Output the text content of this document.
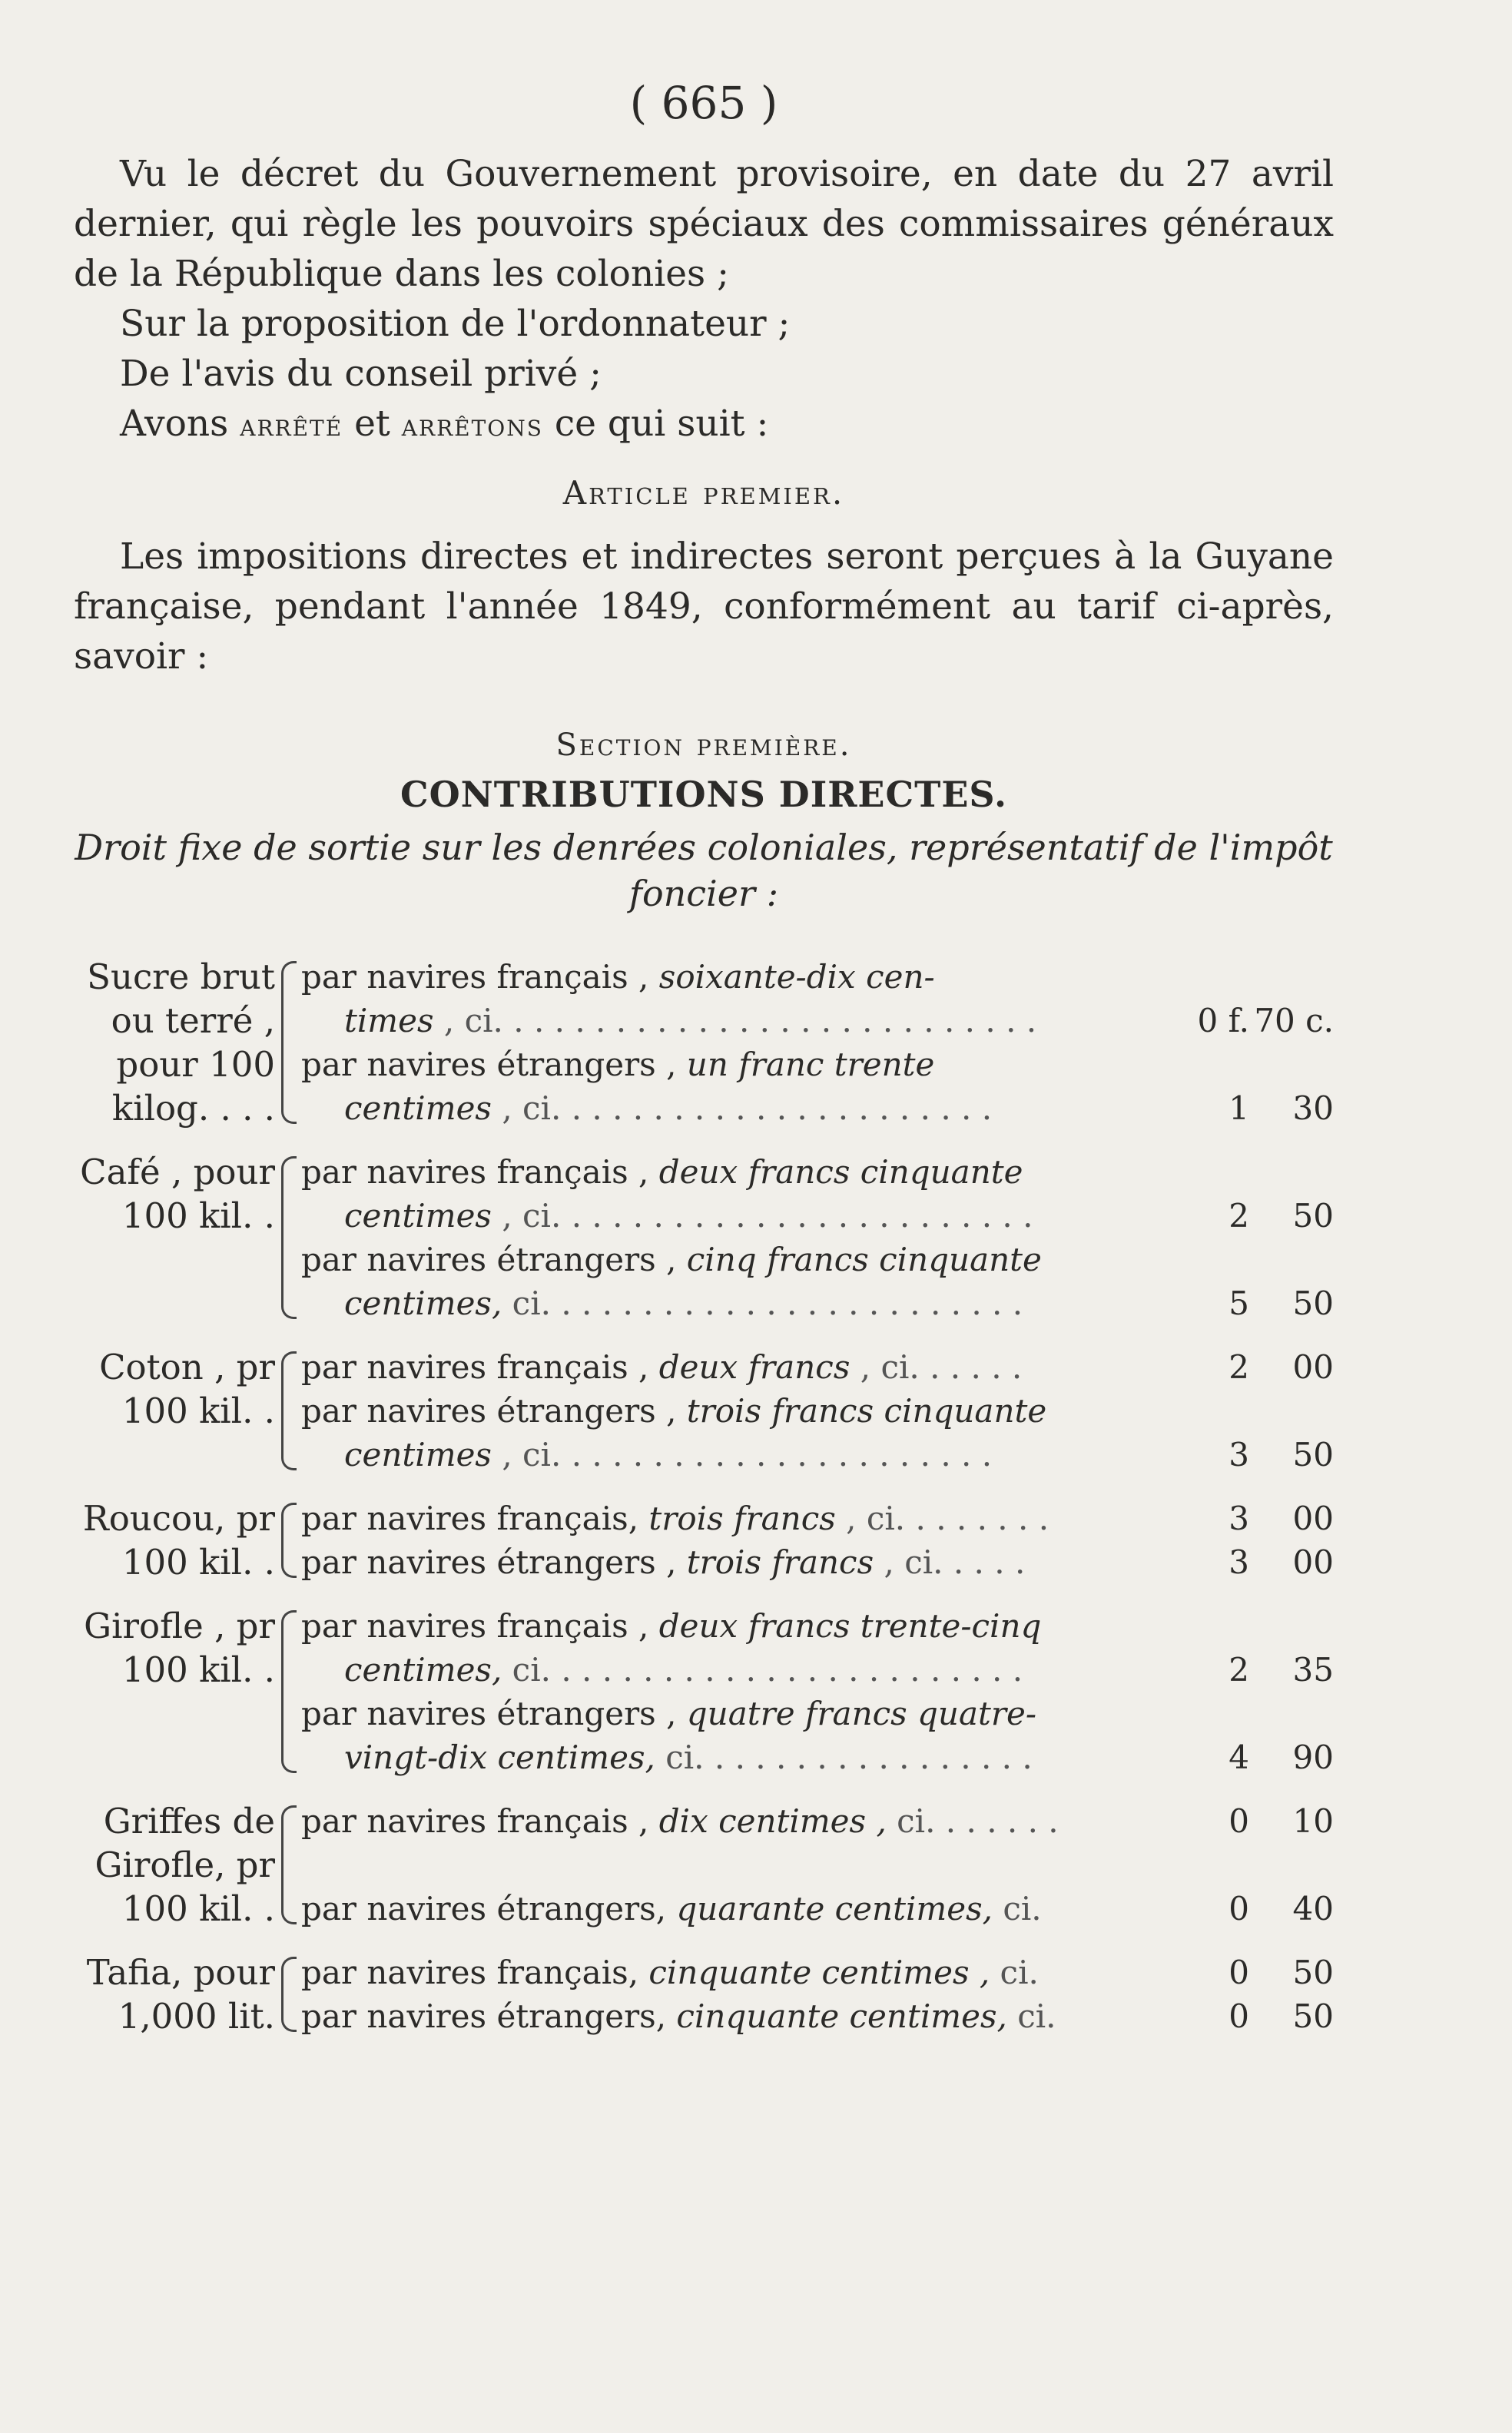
( 665 )

Vu le décret du Gouvernement provisoire, en date du 27 avril dernier, qui règle les pouvoirs spéciaux des commissaires généraux de la République dans les colonies ;

Sur la proposition de l'ordonnateur ;

De l'avis du conseil privé ;

Avons arrêté et arrêtons ce qui suit :

Article premier.

Les impositions directes et indirectes seront perçues à la Guyane française, pendant l'année 1849, conformément au tarif ci-après, savoir :

Section première.
CONTRIBUTIONS DIRECTES.
Droit fixe de sortie sur les denrées coloniales, représentatif de l'impôt foncier :
Sucre brut
ou terré ,
pour 100
kilog. . . .
par navires français , soixante-dix cen-
times , ci. . . . . . . . . . . . . . . . . . . . . . . . . . .	0 f. 70 c.
par navires étrangers , un franc trente
centimes , ci. . . . . . . . . . . . . . . . . . . . . .	1	30
Café , pour
100 kil. .
par navires français , deux francs cinquante
centimes , ci. . . . . . . . . . . . . . . . . . . . . . . .	2	50
par navires étrangers , cinq francs cinquante
centimes, ci. . . . . . . . . . . . . . . . . . . . . . . .	5	50
Coton , pr
100 kil. .
par navires français , deux francs , ci. . . . . .	2	00
par navires étrangers , trois francs cinquante
centimes , ci. . . . . . . . . . . . . . . . . . . . . .	3	50
Roucou, pr
100 kil. .
par navires français, trois francs , ci. . . . . . . .	3	00
par navires étrangers , trois francs , ci. . . . .	3	00
Girofle , pr
100 kil. .
par navires français , deux francs trente-cinq
centimes, ci. . . . . . . . . . . . . . . . . . . . . . . .	2	35
par navires étrangers , quatre francs quatre-
vingt-dix centimes, ci. . . . . . . . . . . . . . . . .	4	90
Griffes de
Girofle, pr
100 kil. .
par navires français , dix centimes , ci. . . . . . .	0	10

par navires étrangers, quarante centimes, ci.	0	40
Tafia, pour
1,000 lit.
par navires français, cinquante centimes , ci.	0	50
par navires étrangers, cinquante centimes, ci.	0	50
